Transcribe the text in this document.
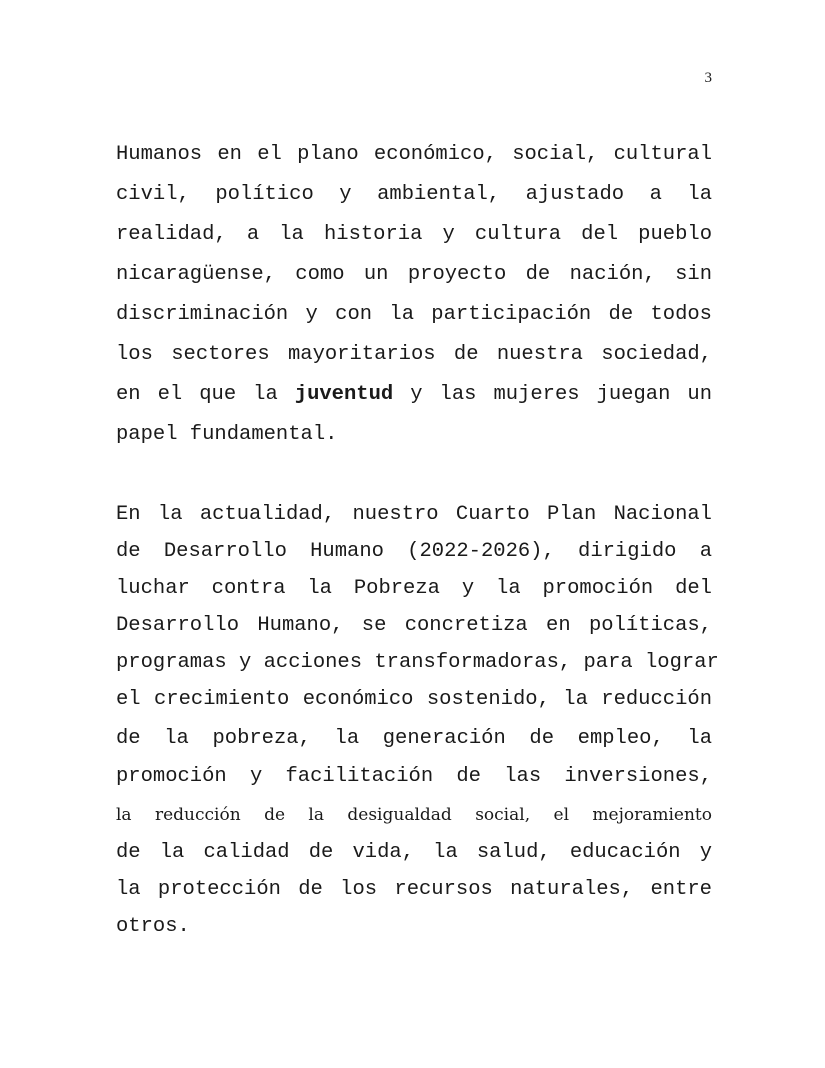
3
Humanos en el plano económico, social, cultural
civil, político y ambiental, ajustado a la
realidad, a la historia y cultura del pueblo
nicaragüense, como un proyecto de nación, sin
discriminación y con la participación de todos
los sectores mayoritarios de nuestra sociedad,
en el que la juventud y las mujeres juegan un
papel fundamental.
En la actualidad, nuestro Cuarto Plan Nacional
de Desarrollo Humano (2022-2026), dirigido a
luchar contra la Pobreza y la promoción del
Desarrollo Humano, se concretiza en políticas,
programas y acciones transformadoras, para lograr
el crecimiento económico sostenido, la reducción
de la pobreza, la generación de empleo, la
promoción y facilitación de las inversiones,
la reducción de la desigualdad social, el mejoramiento
de la calidad de vida, la salud, educación y
la protección de los recursos naturales, entre
otros.
